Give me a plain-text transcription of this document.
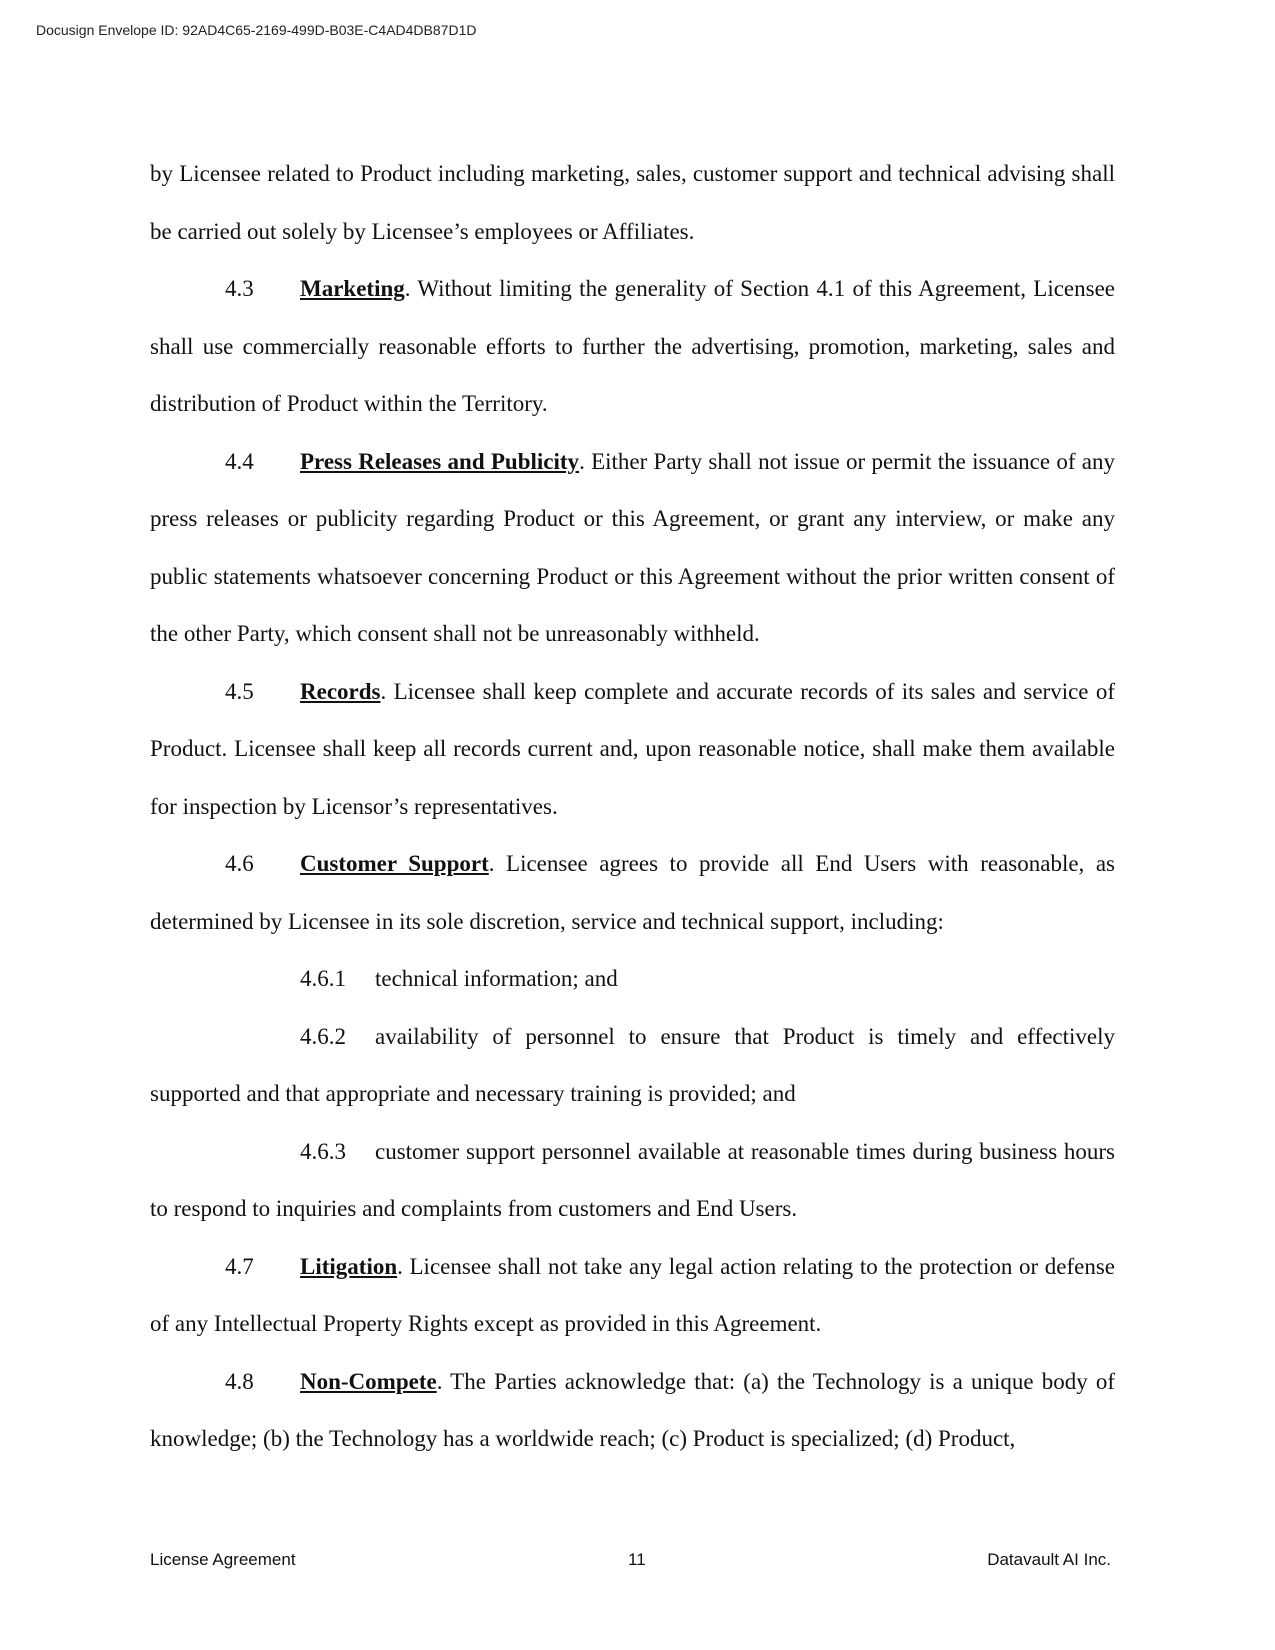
Docusign Envelope ID: 92AD4C65-2169-499D-B03E-C4AD4DB87D1D

by Licensee related to Product including marketing, sales, customer support and technical advising shall be carried out solely by Licensee’s employees or Affiliates.

4.3 Marketing. Without limiting the generality of Section 4.1 of this Agreement, Licensee shall use commercially reasonable efforts to further the advertising, promotion, marketing, sales and distribution of Product within the Territory.

4.4 Press Releases and Publicity. Either Party shall not issue or permit the issuance of any press releases or publicity regarding Product or this Agreement, or grant any interview, or make any public statements whatsoever concerning Product or this Agreement without the prior written consent of the other Party, which consent shall not be unreasonably withheld.

4.5 Records. Licensee shall keep complete and accurate records of its sales and service of Product. Licensee shall keep all records current and, upon reasonable notice, shall make them available for inspection by Licensor’s representatives.

4.6 Customer Support. Licensee agrees to provide all End Users with reasonable, as determined by Licensee in its sole discretion, service and technical support, including:

4.6.1 technical information; and

4.6.2 availability of personnel to ensure that Product is timely and effectively supported and that appropriate and necessary training is provided; and

4.6.3 customer support personnel available at reasonable times during business hours to respond to inquiries and complaints from customers and End Users.

4.7 Litigation. Licensee shall not take any legal action relating to the protection or defense of any Intellectual Property Rights except as provided in this Agreement.

4.8 Non-Compete. The Parties acknowledge that: (a) the Technology is a unique body of knowledge; (b) the Technology has a worldwide reach; (c) Product is specialized; (d) Product,

License Agreement	11	Datavault AI Inc.
